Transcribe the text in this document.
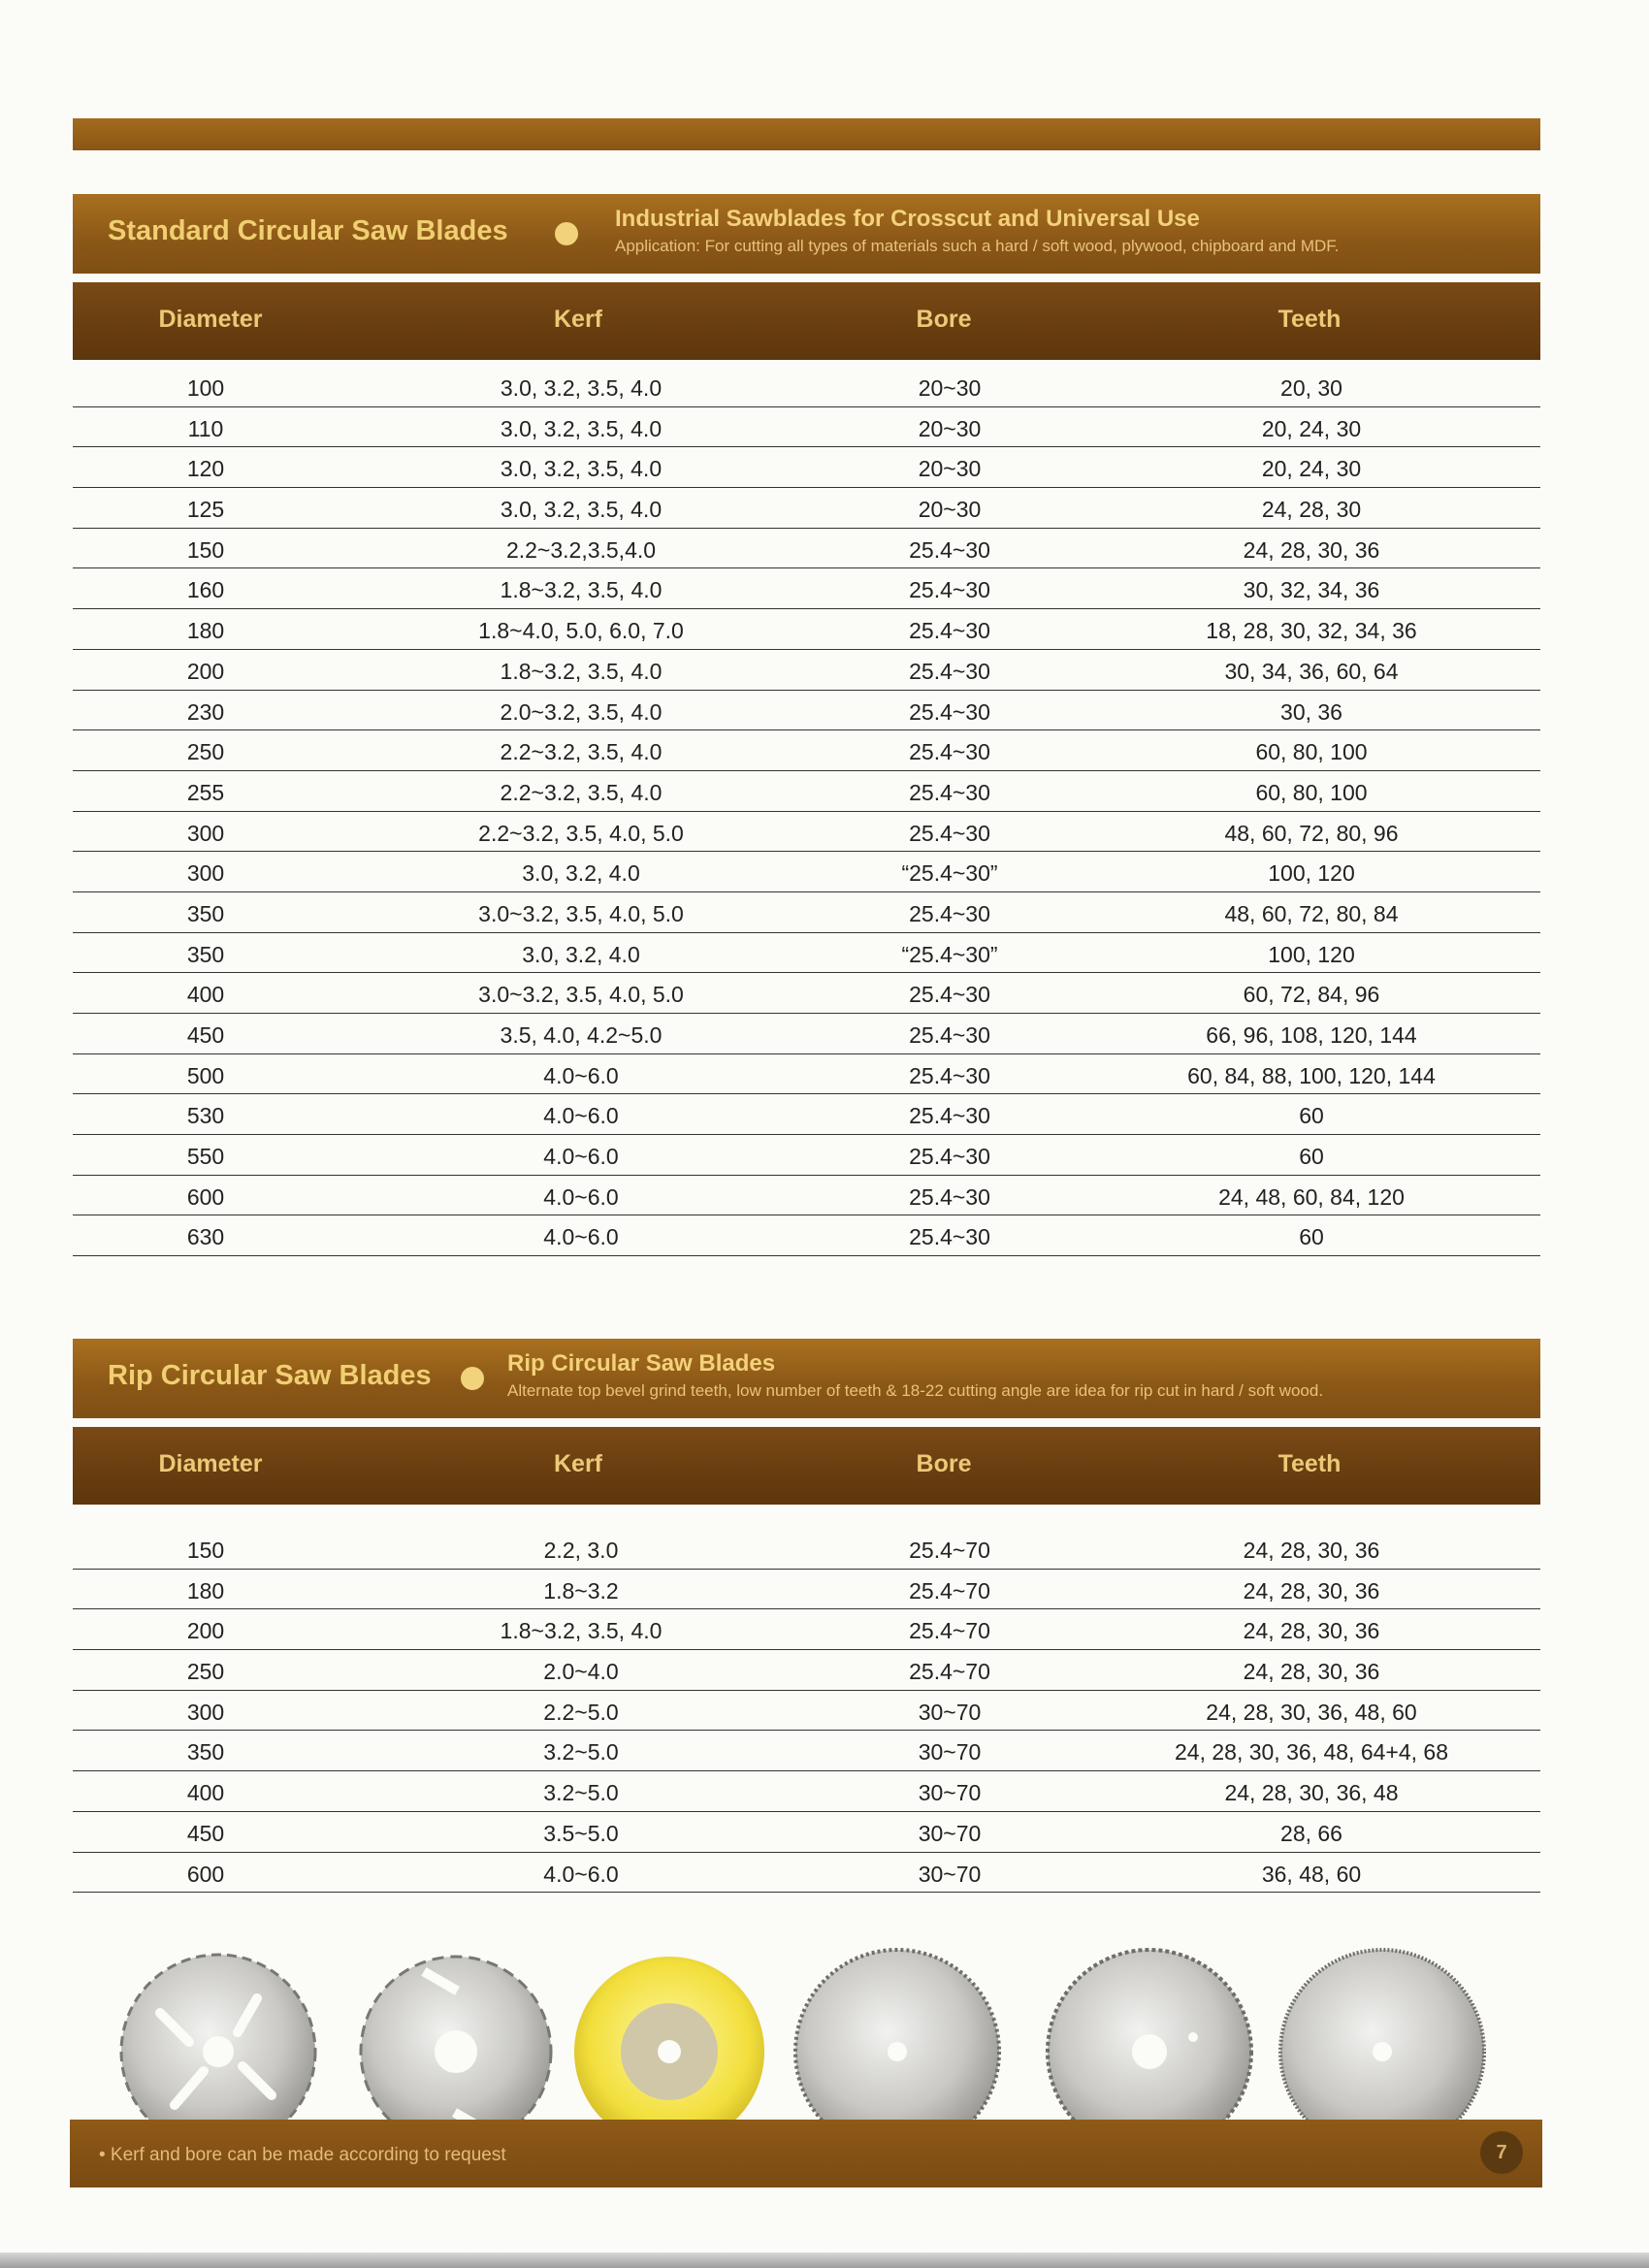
Standard Circular Saw Blades	Industrial Sawblades for Crosscut and Universal Use
Application: For cutting all types of materials such a hard / soft wood, plywood, chipboard and MDF.
Diameter	Kerf	Bore	Teeth
100	3.0, 3.2, 3.5, 4.0	20~30	20, 30
110	3.0, 3.2, 3.5, 4.0	20~30	20, 24, 30
120	3.0, 3.2, 3.5, 4.0	20~30	20, 24, 30
125	3.0, 3.2, 3.5, 4.0	20~30	24, 28, 30
150	2.2~3.2,3.5,4.0	25.4~30	24, 28, 30, 36
160	1.8~3.2, 3.5, 4.0	25.4~30	30, 32, 34, 36
180	1.8~4.0, 5.0, 6.0, 7.0	25.4~30	18, 28, 30, 32, 34, 36
200	1.8~3.2, 3.5, 4.0	25.4~30	30, 34, 36, 60, 64
230	2.0~3.2, 3.5, 4.0	25.4~30	30, 36
250	2.2~3.2, 3.5, 4.0	25.4~30	60, 80, 100
255	2.2~3.2, 3.5, 4.0	25.4~30	60, 80, 100
300	2.2~3.2, 3.5, 4.0, 5.0	25.4~30	48, 60, 72, 80, 96
300	3.0, 3.2, 4.0	“25.4~30”	100, 120
350	3.0~3.2, 3.5, 4.0, 5.0	25.4~30	48, 60, 72, 80, 84
350	3.0, 3.2, 4.0	“25.4~30”	100, 120
400	3.0~3.2, 3.5, 4.0, 5.0	25.4~30	60, 72, 84, 96
450	3.5, 4.0, 4.2~5.0	25.4~30	66, 96, 108, 120, 144
500	4.0~6.0	25.4~30	60, 84, 88, 100, 120, 144
530	4.0~6.0	25.4~30	60
550	4.0~6.0	25.4~30	60
600	4.0~6.0	25.4~30	24, 48, 60, 84, 120
630	4.0~6.0	25.4~30	60
Rip Circular Saw Blades	Rip Circular Saw Blades
Alternate top bevel grind teeth, low number of teeth & 18-22 cutting angle are idea for rip cut in hard / soft wood.
Diameter	Kerf	Bore	Teeth
150	2.2, 3.0	25.4~70	24, 28, 30, 36
180	1.8~3.2	25.4~70	24, 28, 30, 36
200	1.8~3.2, 3.5, 4.0	25.4~70	24, 28, 30, 36
250	2.0~4.0	25.4~70	24, 28, 30, 36
300	2.2~5.0	30~70	24, 28, 30, 36, 48, 60
350	3.2~5.0	30~70	24, 28, 30, 36, 48, 64+4, 68
400	3.2~5.0	30~70	24, 28, 30, 36, 48
450	3.5~5.0	30~70	28, 66
600	4.0~6.0	30~70	36, 48, 60
• Kerf and bore can be made according to request	7
